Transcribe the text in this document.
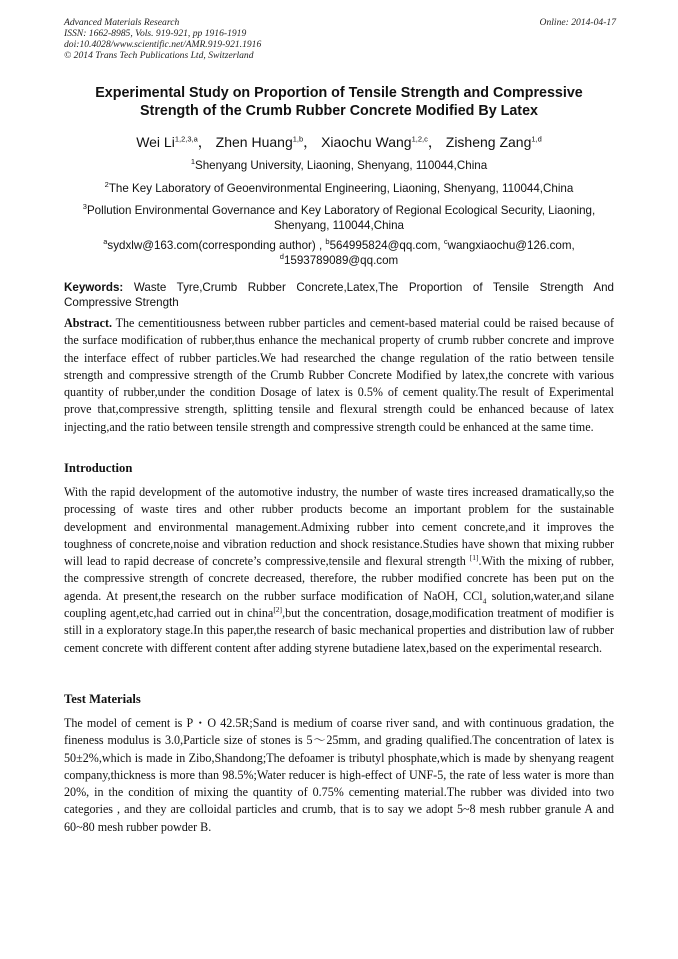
Advanced Materials Research
ISSN: 1662-8985, Vols. 919-921, pp 1916-1919
doi:10.4028/www.scientific.net/AMR.919-921.1916
© 2014 Trans Tech Publications Ltd, Switzerland
Online: 2014-04-17
Experimental Study on Proportion of Tensile Strength and Compressive
Strength of the Crumb Rubber Concrete Modified By Latex
Wei Li$^{1,2,3,a}$， Zhen Huang$^{1,b}$， Xiaochu Wang$^{1,2,c}$， Zisheng Zang$^{1,d}$
$^1$Shenyang University, Liaoning, Shenyang, 110044,China
$^2$The Key Laboratory of Geoenvironmental Engineering, Liaoning, Shenyang, 110044,China
$^3$Pollution Environmental Governance and Key Laboratory of Regional Ecological Security, Liaoning,
Shenyang, 110044,China
$^a$sydxlw@163.com(corresponding author) , $^b$564995824@qq.com, $^c$wangxiaochu@126.com,
$^d$1593789089@qq.com
Keywords: Waste Tyre,Crumb Rubber Concrete,Latex,The Proportion of Tensile Strength And Compressive Strength
Abstract. The cementitiousness between rubber particles and cement-based material could be raised because of the surface modification of rubber,thus enhance the mechanical property of crumb rubber concrete and improve the interface effect of rubber particles.We had researched the change regulation of the ratio between tensile strength and compressive strength of the Crumb Rubber Concrete Modified by latex,the concrete with various quantity of rubber,under the condition Dosage of latex is 0.5% of cement quality.The result of Experimental prove that,compressive strength, splitting tensile and flexural strength could be enhanced because of latex injecting,and the ratio between tensile strength and compressive strength could be enhanced at the same time.
Introduction
With the rapid development of the automotive industry, the number of waste tires increased dramatically,so the processing of waste tires and other rubber products become an important problem for the sustainable development and environmental management.Admixing rubber into cement concrete,and it improves the toughness of concrete,noise and vibration reduction and shock resistance.Studies have shown that mixing rubber will lead to rapid decrease of concrete’s compressive,tensile and flexural strength [1].With the mixing of rubber, the compressive strength of concrete decreased, therefore, the rubber modified concrete has been put on the agenda. At present,the research on the rubber surface modification of NaOH, CCl$_4$ solution,water,and silane coupling agent,etc,had carried out in china[2],but the concentration, dosage,modification treatment of modifier is still in a exploratory stage.In this paper,the research of basic mechanical properties and distribution law of rubber cement concrete with different content after adding styrene butadiene latex,based on the experimental research.
Test Materials
The model of cement is P・O 42.5R;Sand is medium of coarse river sand, and with continuous gradation, the fineness modulus is 3.0,Particle size of stones is 5～25mm, and grading qualified.The concentration of latex is 50±2%,which is made in Zibo,Shandong;The defoamer is tributyl phosphate,which is made by shenyang reagent company,thickness is more than 98.5%;Water reducer is high-effect of UNF-5, the rate of less water is more than 20%, in the condition of mixing the quantity of 0.75% cementing material.The rubber was divided into two categories , and they are colloidal particles and crumb, that is to say we adopt 5~8 mesh rubber granule A and 60~80 mesh rubber powder B.
